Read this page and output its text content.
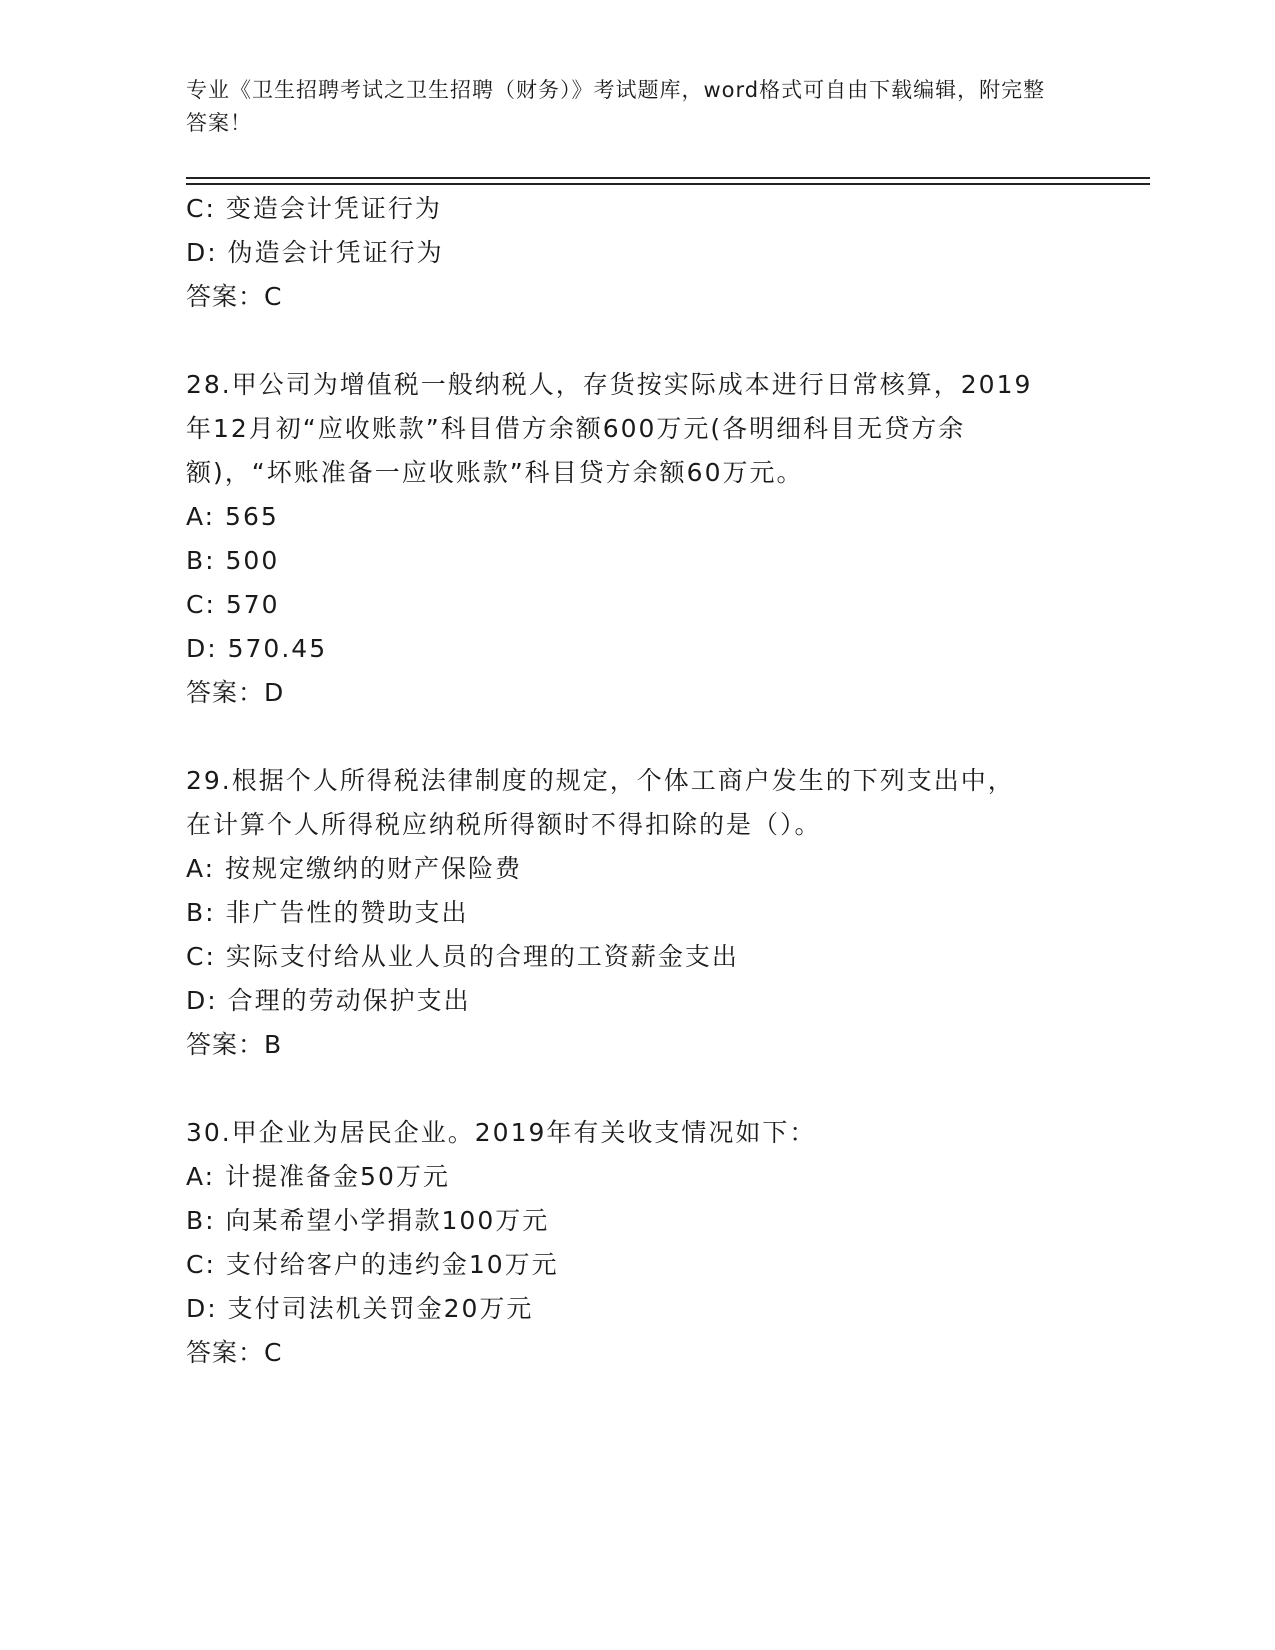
专业《卫生招聘考试之卫生招聘（财务）》考试题库，word格式可自由下载编辑，附完整答案！
C: 变造会计凭证行为
D: 伪造会计凭证行为
答案：C
28.甲公司为增值税一般纳税人，存货按实际成本进行日常核算，2019
年12月初“应收账款”科目借方余额600万元(各明细科目无贷方余
额)，“坏账准备一应收账款”科目贷方余额60万元。
A: 565
B: 500
C: 570
D: 570.45
答案：D
29.根据个人所得税法律制度的规定，个体工商户发生的下列支出中，
在计算个人所得税应纳税所得额时不得扣除的是（）。
A: 按规定缴纳的财产保险费
B: 非广告性的赞助支出
C: 实际支付给从业人员的合理的工资薪金支出
D: 合理的劳动保护支出
答案：B
30.甲企业为居民企业。2019年有关收支情况如下：
A: 计提准备金50万元
B: 向某希望小学捐款100万元
C: 支付给客户的违约金10万元
D: 支付司法机关罚金20万元
答案：C
